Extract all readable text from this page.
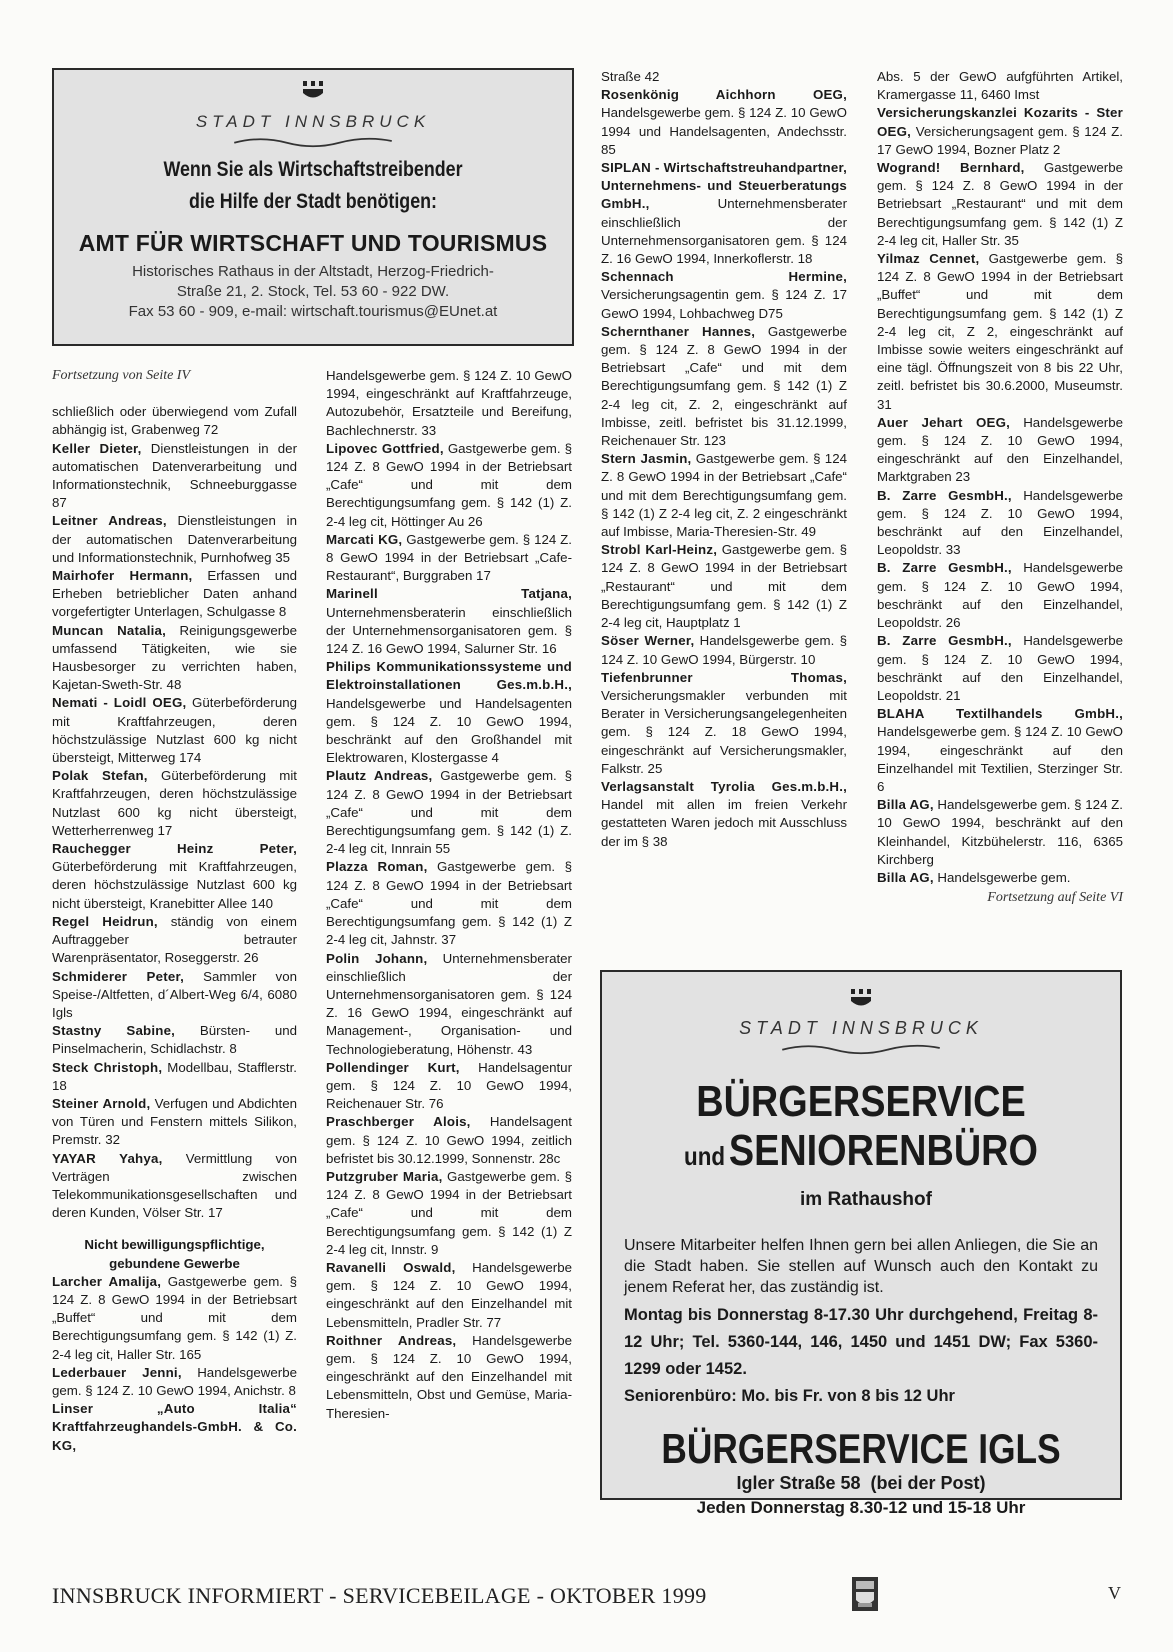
STADT INNSBRUCK
Wenn Sie als Wirtschaftstreibender
die Hilfe der Stadt benötigen:
AMT FÜR WIRTSCHAFT UND TOURISMUS
Historisches Rathaus in der Altstadt, Herzog-Friedrich-
Straße 21, 2. Stock, Tel. 53 60 - 922 DW.
Fax 53 60 - 909, e-mail: wirtschaft.tourismus@EUnet.at
Fortsetzung von Seite IV

schließlich oder überwiegend vom Zufall abhängig ist, Grabenweg 72

Keller Dieter, Dienstleistungen in der automatischen Datenverarbeitung und Informationstechnik, Schneeburggasse 87

Leitner Andreas, Dienstleistungen in der automatischen Datenverarbeitung und Informationstechnik, Purnhofweg 35

Mairhofer Hermann, Erfassen und Erheben betrieblicher Daten anhand vorgefertigter Unterlagen, Schulgasse 8

Muncan Natalia, Reinigungsgewerbe umfassend Tätigkeiten, wie sie Hausbesorger zu verrichten haben, Kajetan-Sweth-Str. 48

Nemati - Loidl OEG, Güterbeförderung mit Kraftfahrzeugen, deren höchstzulässige Nutzlast 600 kg nicht übersteigt, Mitterweg 174

Polak Stefan, Güterbeförderung mit Kraftfahrzeugen, deren höchstzulässige Nutzlast 600 kg nicht übersteigt, Wetterherrenweg 17

Rauchegger Heinz Peter, Güterbeförderung mit Kraftfahrzeugen, deren höchstzulässige Nutzlast 600 kg nicht übersteigt, Kranebitter Allee 140

Regel Heidrun, ständig von einem Auftraggeber betrauter Warenpräsentator, Roseggerstr. 26

Schmiderer Peter, Sammler von Speise-/Altfetten, d´Albert-Weg 6/4, 6080 Igls

Stastny Sabine, Bürsten- und Pinselmacherin, Schidlachstr. 8

Steck Christoph, Modellbau, Stafflerstr. 18

Steiner Arnold, Verfugen und Abdichten von Türen und Fenstern mittels Silikon, Premstr. 32

YAYAR Yahya, Vermittlung von Verträgen zwischen Telekommunikationsgesellschaften und deren Kunden, Völser Str. 17

Nicht bewilligungspflichtige,
gebundene Gewerbe

Larcher Amalija, Gastgewerbe gem. § 124 Z. 8 GewO 1994 in der Betriebsart „Buffet“ und mit dem Berechtigungsumfang gem. § 142 (1) Z. 2-4 leg cit, Haller Str. 165

Lederbauer Jenni, Handelsgewerbe gem. § 124 Z. 10 GewO 1994, Anichstr. 8

Linser „Auto Italia“ Kraftfahrzeughandels-GmbH. & Co. KG,

Handelsgewerbe gem. § 124 Z. 10 GewO 1994, eingeschränkt auf Kraftfahrzeuge, Autozubehör, Ersatzteile und Bereifung, Bachlechnerstr. 33

Lipovec Gottfried, Gastgewerbe gem. § 124 Z. 8 GewO 1994 in der Betriebsart „Cafe“ und mit dem Berechtigungsumfang gem. § 142 (1) Z. 2-4 leg cit, Höttinger Au 26

Marcati KG, Gastgewerbe gem. § 124 Z. 8 GewO 1994 in der Betriebsart „Cafe-Restaurant“, Burggraben 17

Marinell Tatjana, Unternehmensberaterin einschließlich der Unternehmensorganisatoren gem. § 124 Z. 16 GewO 1994, Salurner Str. 16

Philips Kommunikationssysteme und Elektroinstallationen Ges.m.b.H., Handelsgewerbe und Handelsagenten gem. § 124 Z. 10 GewO 1994, beschränkt auf den Großhandel mit Elektrowaren, Klostergasse 4

Plautz Andreas, Gastgewerbe gem. § 124 Z. 8 GewO 1994 in der Betriebsart „Cafe“ und mit dem Berechtigungsumfang gem. § 142 (1) Z. 2-4 leg cit, Innrain 55

Plazza Roman, Gastgewerbe gem. § 124 Z. 8 GewO 1994 in der Betriebsart „Cafe“ und mit dem Berechtigungsumfang gem. § 142 (1) Z 2-4 leg cit, Jahnstr. 37

Polin Johann, Unternehmensberater einschließlich der Unternehmensorganisatoren gem. § 124 Z. 16 GewO 1994, eingeschränkt auf Management-, Organisation- und Technologieberatung, Höhenstr. 43

Pollendinger Kurt, Handelsagentur gem. § 124 Z. 10 GewO 1994, Reichenauer Str. 76

Praschberger Alois, Handelsagent gem. § 124 Z. 10 GewO 1994, zeitlich befristet bis 30.12.1999, Sonnenstr. 28c

Putzgruber Maria, Gastgewerbe gem. § 124 Z. 8 GewO 1994 in der Betriebsart „Cafe“ und mit dem Berechtigungsumfang gem. § 142 (1) Z 2-4 leg cit, Innstr. 9

Ravanelli Oswald, Handelsgewerbe gem. § 124 Z. 10 GewO 1994, eingeschränkt auf den Einzelhandel mit Lebensmitteln, Pradler Str. 77

Roithner Andreas, Handelsgewerbe gem. § 124 Z. 10 GewO 1994, eingeschränkt auf den Einzelhandel mit Lebensmitteln, Obst und Gemüse, Maria-Theresien-

Straße 42

Rosenkönig Aichhorn OEG, Handelsgewerbe gem. § 124 Z. 10 GewO 1994 und Handelsagenten, Andechsstr. 85

SIPLAN - Wirtschaftstreuhandpartner, Unternehmens- und Steuerberatungs GmbH., Unternehmensberater einschließlich der Unternehmensorganisatoren gem. § 124 Z. 16 GewO 1994, Innerkoflerstr. 18

Schennach Hermine, Versicherungsagentin gem. § 124 Z. 17 GewO 1994, Lohbachweg D75

Schernthaner Hannes, Gastgewerbe gem. § 124 Z. 8 GewO 1994 in der Betriebsart „Cafe“ und mit dem Berechtigungsumfang gem. § 142 (1) Z 2-4 leg cit, Z. 2, eingeschränkt auf Imbisse, zeitl. befristet bis 31.12.1999, Reichenauer Str. 123

Stern Jasmin, Gastgewerbe gem. § 124 Z. 8 GewO 1994 in der Betriebsart „Cafe“ und mit dem Berechtigungsumfang gem. § 142 (1) Z 2-4 leg cit, Z. 2 eingeschränkt auf Imbisse, Maria-Theresien-Str. 49

Strobl Karl-Heinz, Gastgewerbe gem. § 124 Z. 8 GewO 1994 in der Betriebsart „Restaurant“ und mit dem Berechtigungsumfang gem. § 142 (1) Z 2-4 leg cit, Hauptplatz 1

Söser Werner, Handelsgewerbe gem. § 124 Z. 10 GewO 1994, Bürgerstr. 10

Tiefenbrunner Thomas, Versicherungsmakler verbunden mit Berater in Versicherungsangelegenheiten gem. § 124 Z. 18 GewO 1994, eingeschränkt auf Versicherungsmakler, Falkstr. 25

Verlagsanstalt Tyrolia Ges.m.b.H., Handel mit allen im freien Verkehr gestatteten Waren jedoch mit Ausschluss der im § 38

Abs. 5 der GewO aufgführten Artikel, Kramergasse 11, 6460 Imst

Versicherungskanzlei Kozarits - Ster OEG, Versicherungsagent gem. § 124 Z. 17 GewO 1994, Bozner Platz 2

Wogrand! Bernhard, Gastgewerbe gem. § 124 Z. 8 GewO 1994 in der Betriebsart „Restaurant“ und mit dem Berechtigungsumfang gem. § 142 (1) Z 2-4 leg cit, Haller Str. 35

Yilmaz Cennet, Gastgewerbe gem. § 124 Z. 8 GewO 1994 in der Betriebsart „Buffet“ und mit dem Berechtigungsumfang gem. § 142 (1) Z 2-4 leg cit, Z 2, eingeschränkt auf Imbisse sowie weiters eingeschränkt auf eine tägl. Öffnungszeit von 8 bis 22 Uhr, zeitl. befristet bis 30.6.2000, Museumstr. 31

Auer Jehart OEG, Handelsgewerbe gem. § 124 Z. 10 GewO 1994, eingeschränkt auf den Einzelhandel, Marktgraben 23

B. Zarre GesmbH., Handelsgewerbe gem. § 124 Z. 10 GewO 1994, beschränkt auf den Einzelhandel, Leopoldstr. 33

B. Zarre GesmbH., Handelsgewerbe gem. § 124 Z. 10 GewO 1994, beschränkt auf den Einzelhandel, Leopoldstr. 26

B. Zarre GesmbH., Handelsgewerbe gem. § 124 Z. 10 GewO 1994, beschränkt auf den Einzelhandel, Leopoldstr. 21

BLAHA Textilhandels GmbH., Handelsgewerbe gem. § 124 Z. 10 GewO 1994, eingeschränkt auf den Einzelhandel mit Textilien, Sterzinger Str. 6

Billa AG, Handelsgewerbe gem. § 124 Z. 10 GewO 1994, beschränkt auf den Kleinhandel, Kitzbühelerstr. 116, 6365 Kirchberg

Billa AG, Handelsgewerbe gem.

Fortsetzung auf Seite VI
STADT INNSBRUCK
BÜRGERSERVICE
und SENIORENBÜRO
im Rathaushof
Unsere Mitarbeiter helfen Ihnen gern bei allen Anliegen, die Sie an die Stadt haben. Sie stellen auf Wunsch auch den Kontakt zu jenem Referat her, das zuständig ist.
Montag bis Donnerstag 8-17.30 Uhr durchgehend, Freitag 8-12 Uhr; Tel. 5360-144, 146, 1450 und 1451 DW; Fax 5360-1299 oder 1452.
Seniorenbüro: Mo. bis Fr. von 8 bis 12 Uhr
BÜRGERSERVICE IGLS
Igler Straße 58  (bei der Post)
Jeden Donnerstag 8.30-12 und 15-18 Uhr
INNSBRUCK INFORMIERT - SERVICEBEILAGE - OKTOBER 1999	V
